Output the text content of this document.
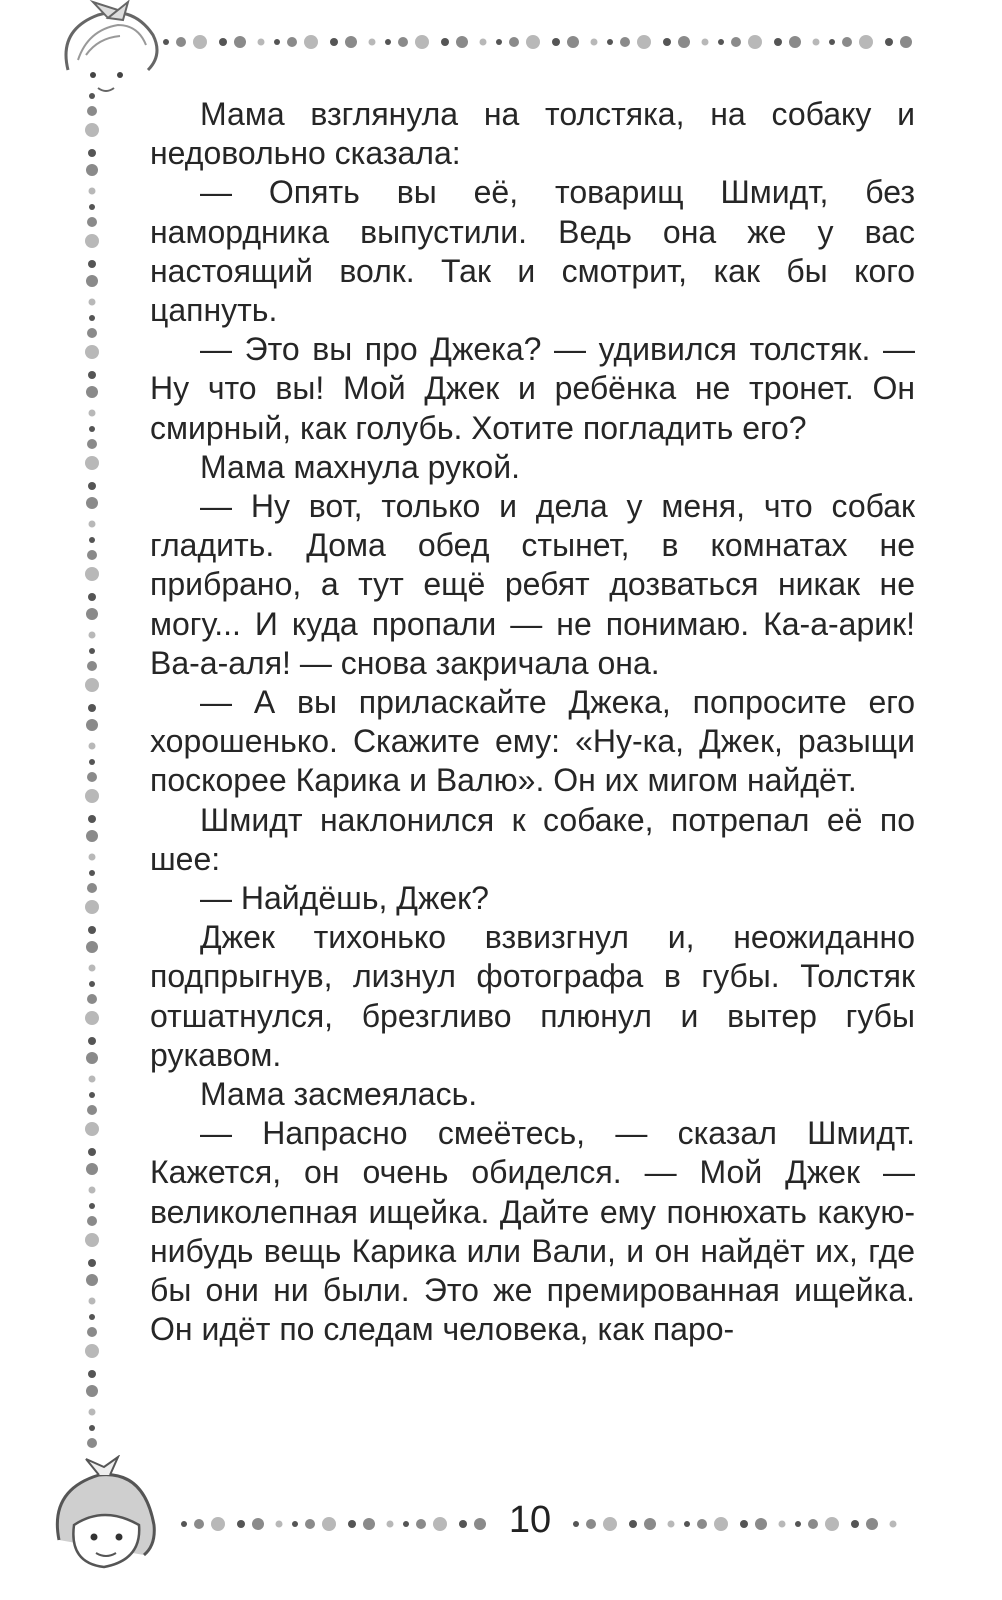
Мама взглянула на толстяка, на собаку и недовольно сказала:

— Опять вы её, товарищ Шмидт, без намордника выпустили. Ведь она же у вас настоящий волк. Так и смотрит, как бы кого цапнуть.

— Это вы про Джека? — удивился толстяк. — Ну что вы! Мой Джек и ребёнка не тронет. Он смирный, как голубь. Хотите погладить его?

Мама махнула рукой.

— Ну вот, только и дела у меня, что собак гладить. Дома обед стынет, в комнатах не прибрано, а тут ещё ребят дозваться никак не могу... И куда пропали — не понимаю. Ка-а-арик! Ва-а-аля! — снова закричала она.

— А вы приласкайте Джека, попросите его хорошенько. Скажите ему: «Ну-ка, Джек, разыщи поскорее Карика и Валю». Он их мигом найдёт.

Шмидт наклонился к собаке, потрепал её по шее:

— Найдёшь, Джек?

Джек тихонько взвизгнул и, неожиданно подпрыгнув, лизнул фотографа в губы. Толстяк отшатнулся, брезгливо плюнул и вытер губы рукавом.

Мама засмеялась.

— Напрасно смеётесь, — сказал Шмидт. Кажется, он очень обиделся. — Мой Джек — великолепная ищейка. Дайте ему понюхать какую-нибудь вещь Карика или Вали, и он найдёт их, где бы они ни были. Это же премированная ищейка. Он идёт по следам человека, как паро-

10
